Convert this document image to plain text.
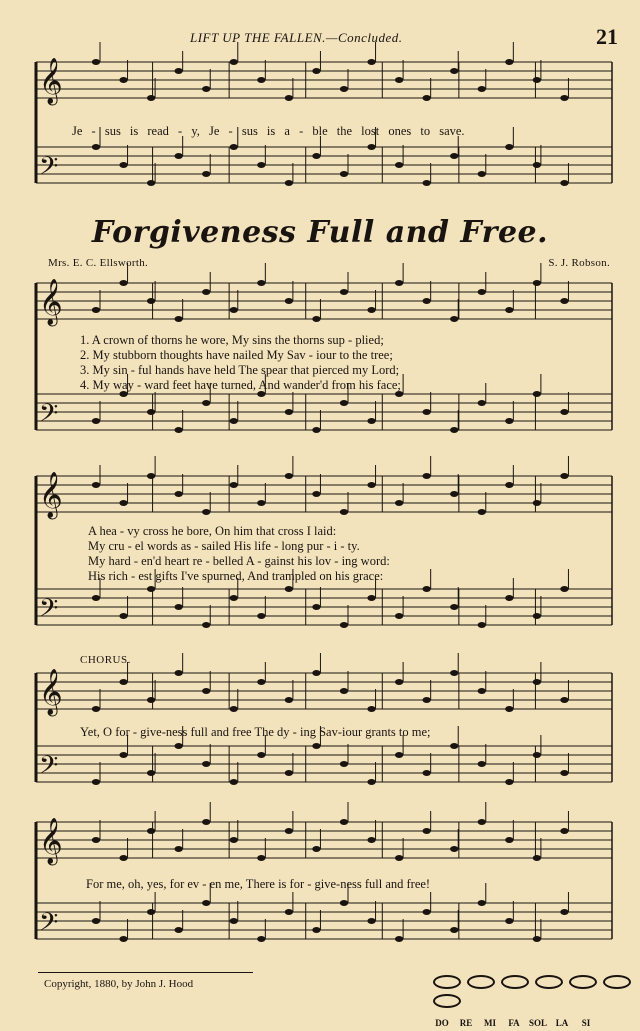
LIFT UP THE FALLEN.—Concluded.	21
𝄞
𝄢
𝄞
𝄢
𝄞
𝄢
𝄞
𝄢
𝄞
𝄢
Je - sus is read - y, Je - sus is a - ble the lost ones to save.
Forgiveness Full and Free.
Mrs. E. C. Ellsworth.	S. J. Robson.
1. A crown of thorns he wore, My sins the thorns sup - plied;
2. My stubborn thoughts have nailed My Sav - iour to the tree;
3. My sin - ful hands have held The spear that pierced my Lord;
4. My way - ward feet have turned, And wander'd from his face;
A hea - vy cross he bore, On him that cross I laid:
My cru - el words as - sailed His life - long pur - i - ty.
My hard - en'd heart re - belled A - gainst his lov - ing word:
His rich - est gifts I've spurned, And trampled on his grace:
CHORUS.
Yet, O for - give-ness full and free The dy - ing Sav-iour grants to me;
For me, oh, yes, for ev - en me, There is for - give-ness full and free!
Copyright, 1880, by John J. Hood
DO RE MI FA SOL LA SI
